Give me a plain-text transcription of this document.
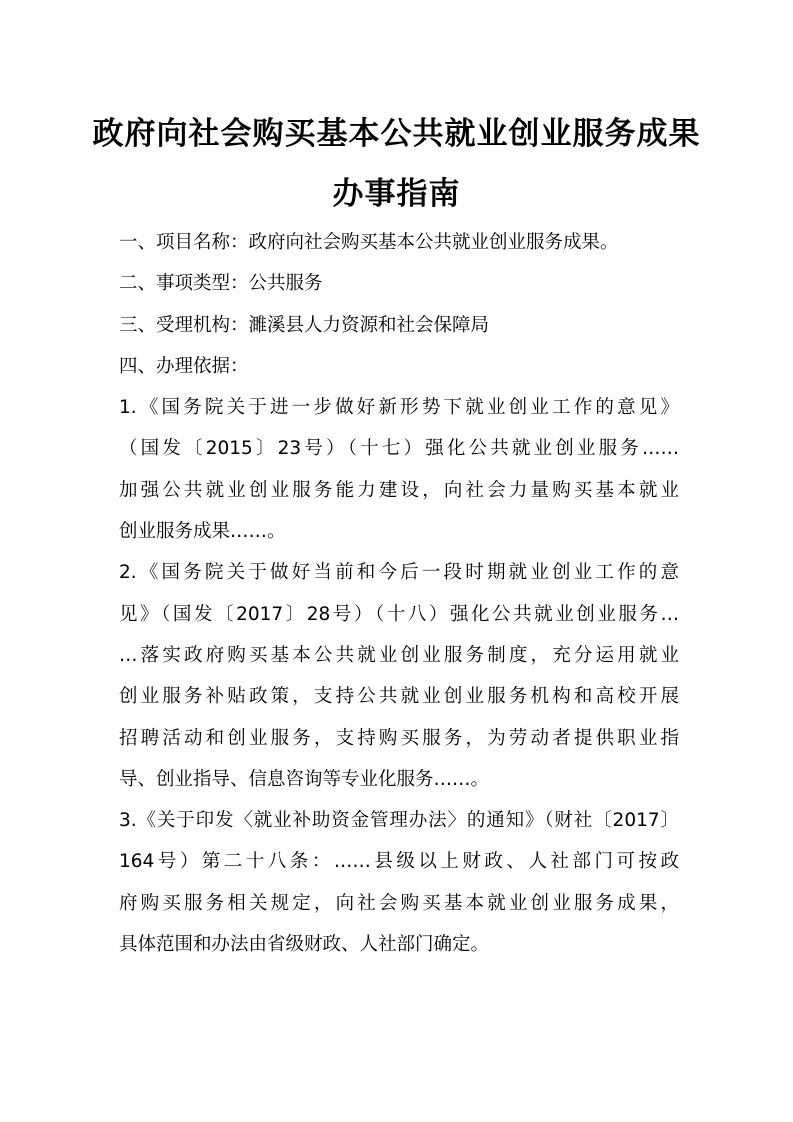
政府向社会购买基本公共就业创业服务成果
办事指南
一、项目名称：政府向社会购买基本公共就业创业服务成果。
二、事项类型：公共服务
三、受理机构：濉溪县人力资源和社会保障局
四、办理依据：
1.《国务院关于进一步做好新形势下就业创业工作的意见》
（国发〔2015〕23号）（十七）强化公共就业创业服务……
加强公共就业创业服务能力建设，向社会力量购买基本就业
创业服务成果……。
2.《国务院关于做好当前和今后一段时期就业创业工作的意
见》（国发〔2017〕28号）（十八）强化公共就业创业服务…
…落实政府购买基本公共就业创业服务制度，充分运用就业
创业服务补贴政策，支持公共就业创业服务机构和高校开展
招聘活动和创业服务，支持购买服务，为劳动者提供职业指
导、创业指导、信息咨询等专业化服务……。
3.《关于印发〈就业补助资金管理办法〉的通知》（财社〔2017〕
164号）第二十八条：……县级以上财政、人社部门可按政
府购买服务相关规定，向社会购买基本就业创业服务成果，
具体范围和办法由省级财政、人社部门确定。
